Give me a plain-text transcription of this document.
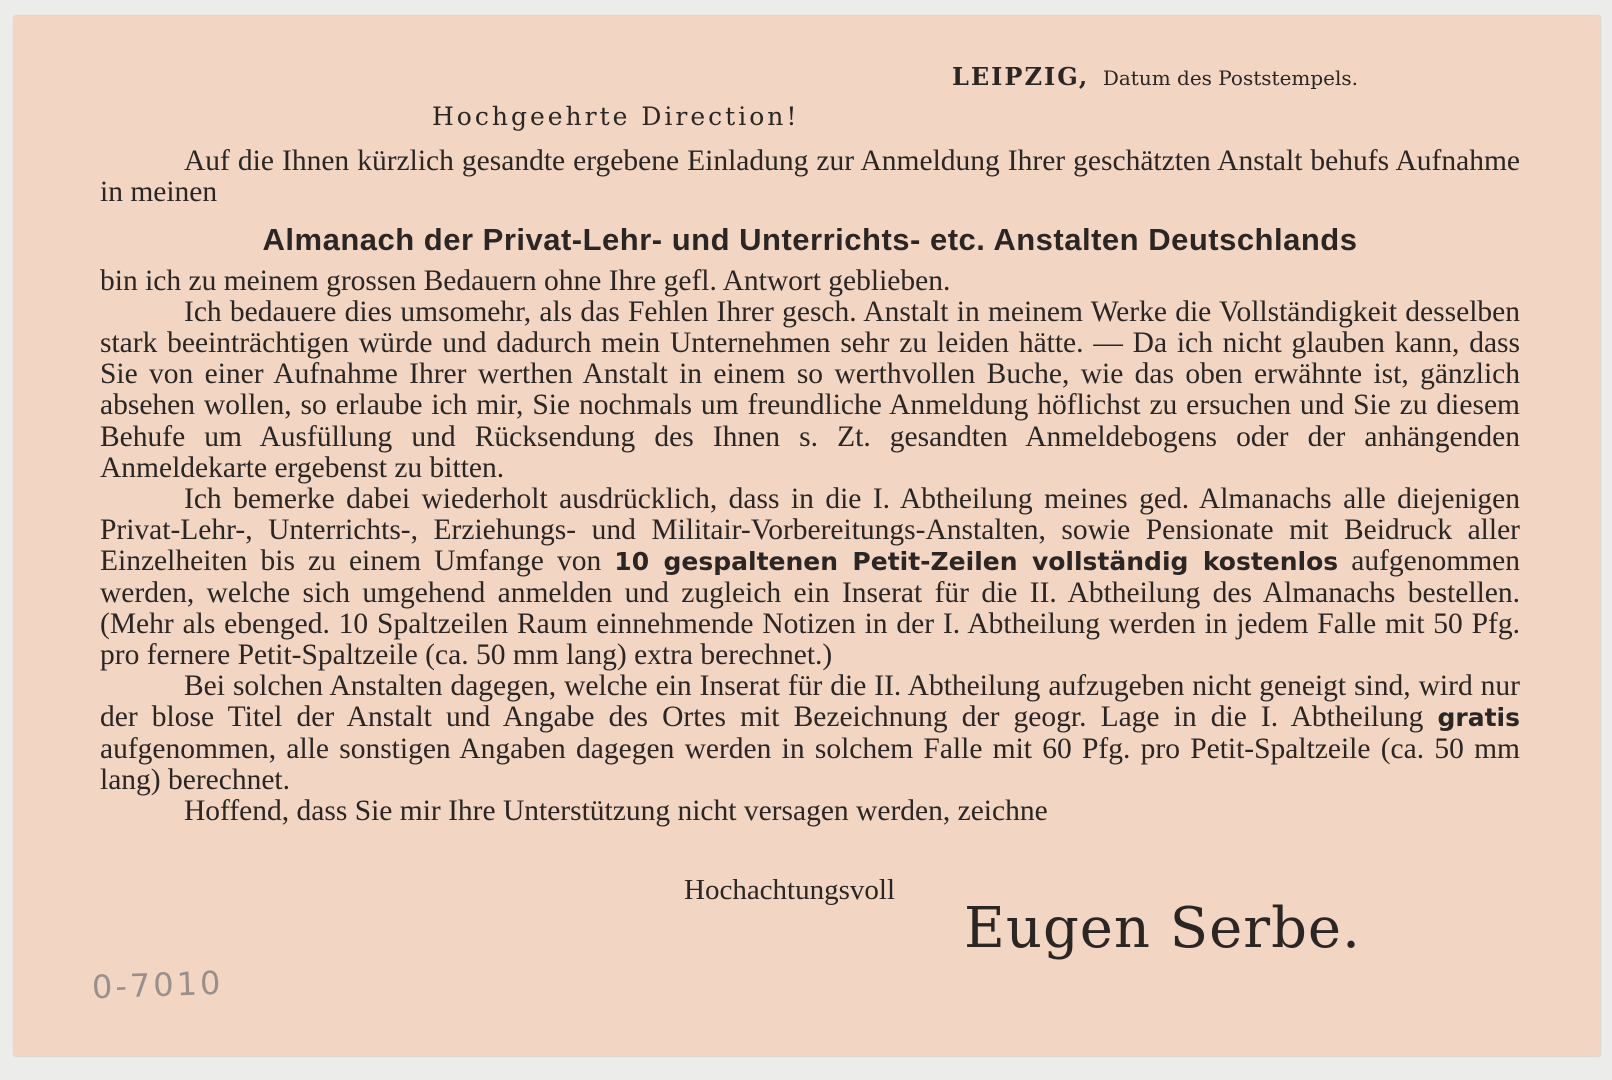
LEIPZIG, Datum des Poststempels.
Hochgeehrte Direction!

Auf die Ihnen kürzlich gesandte ergebene Einladung zur Anmeldung Ihrer geschätzten Anstalt behufs Aufnahme in meinen

Almanach der Privat-Lehr- und Unterrichts- etc. Anstalten Deutschlands

bin ich zu meinem grossen Bedauern ohne Ihre gefl. Antwort geblieben.

Ich bedauere dies umsomehr, als das Fehlen Ihrer gesch. Anstalt in meinem Werke die Vollständigkeit desselben stark beeinträchtigen würde und dadurch mein Unternehmen sehr zu leiden hätte. — Da ich nicht glauben kann, dass Sie von einer Aufnahme Ihrer werthen Anstalt in einem so werthvollen Buche, wie das oben erwähnte ist, gänzlich absehen wollen, so erlaube ich mir, Sie nochmals um freundliche Anmeldung höflichst zu ersuchen und Sie zu diesem Behufe um Ausfüllung und Rücksendung des Ihnen s. Zt. gesandten Anmeldebogens oder der anhängenden Anmeldekarte ergebenst zu bitten.

Ich bemerke dabei wiederholt ausdrücklich, dass in die I. Abtheilung meines ged. Almanachs alle diejenigen Privat-Lehr-, Unterrichts-, Erziehungs- und Militair-Vorbereitungs-Anstalten, sowie Pensionate mit Beidruck aller Einzelheiten bis zu einem Umfange von 10 gespaltenen Petit-Zeilen vollständig kostenlos aufgenommen werden, welche sich umgehend anmelden und zugleich ein Inserat für die II. Abtheilung des Almanachs bestellen. (Mehr als ebenged. 10 Spaltzeilen Raum einnehmende Notizen in der I. Abtheilung werden in jedem Falle mit 50 Pfg. pro fernere Petit-Spaltzeile (ca. 50 mm lang) extra berechnet.)

Bei solchen Anstalten dagegen, welche ein Inserat für die II. Abtheilung aufzugeben nicht geneigt sind, wird nur der blose Titel der Anstalt und Angabe des Ortes mit Bezeichnung der geogr. Lage in die I. Abtheilung gratis aufgenommen, alle sonstigen Angaben dagegen werden in solchem Falle mit 60 Pfg. pro Petit-Spaltzeile (ca. 50 mm lang) berechnet.

Hoffend, dass Sie mir Ihre Unterstützung nicht versagen werden, zeichne

Hochachtungsvoll
Eugen Serbe.
0-7010
